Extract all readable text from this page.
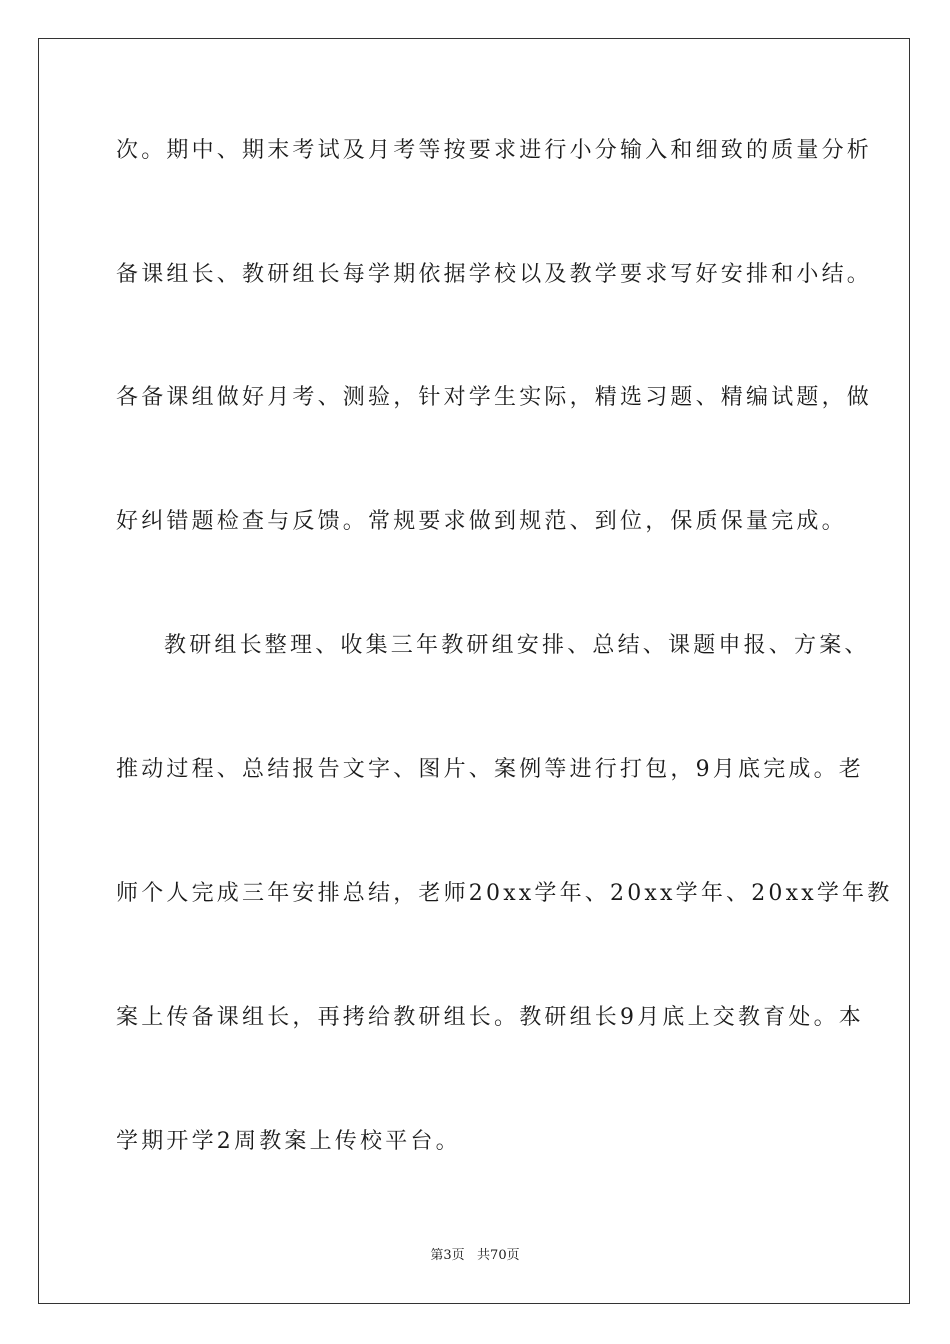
次。期中、期末考试及月考等按要求进行小分输入和细致的质量分析
备课组长、教研组长每学期依据学校以及教学要求写好安排和小结。
各备课组做好月考、测验，针对学生实际，精选习题、精编试题，做
好纠错题检查与反馈。常规要求做到规范、到位，保质保量完成。
教研组长整理、收集三年教研组安排、总结、课题申报、方案、
推动过程、总结报告文字、图片、案例等进行打包，9月底完成。老
师个人完成三年安排总结，老师20xx学年、20xx学年、20xx学年教
案上传备课组长，再拷给教研组长。教研组长9月底上交教育处。本
学期开学2周教案上传校平台。
第3页   共70页
